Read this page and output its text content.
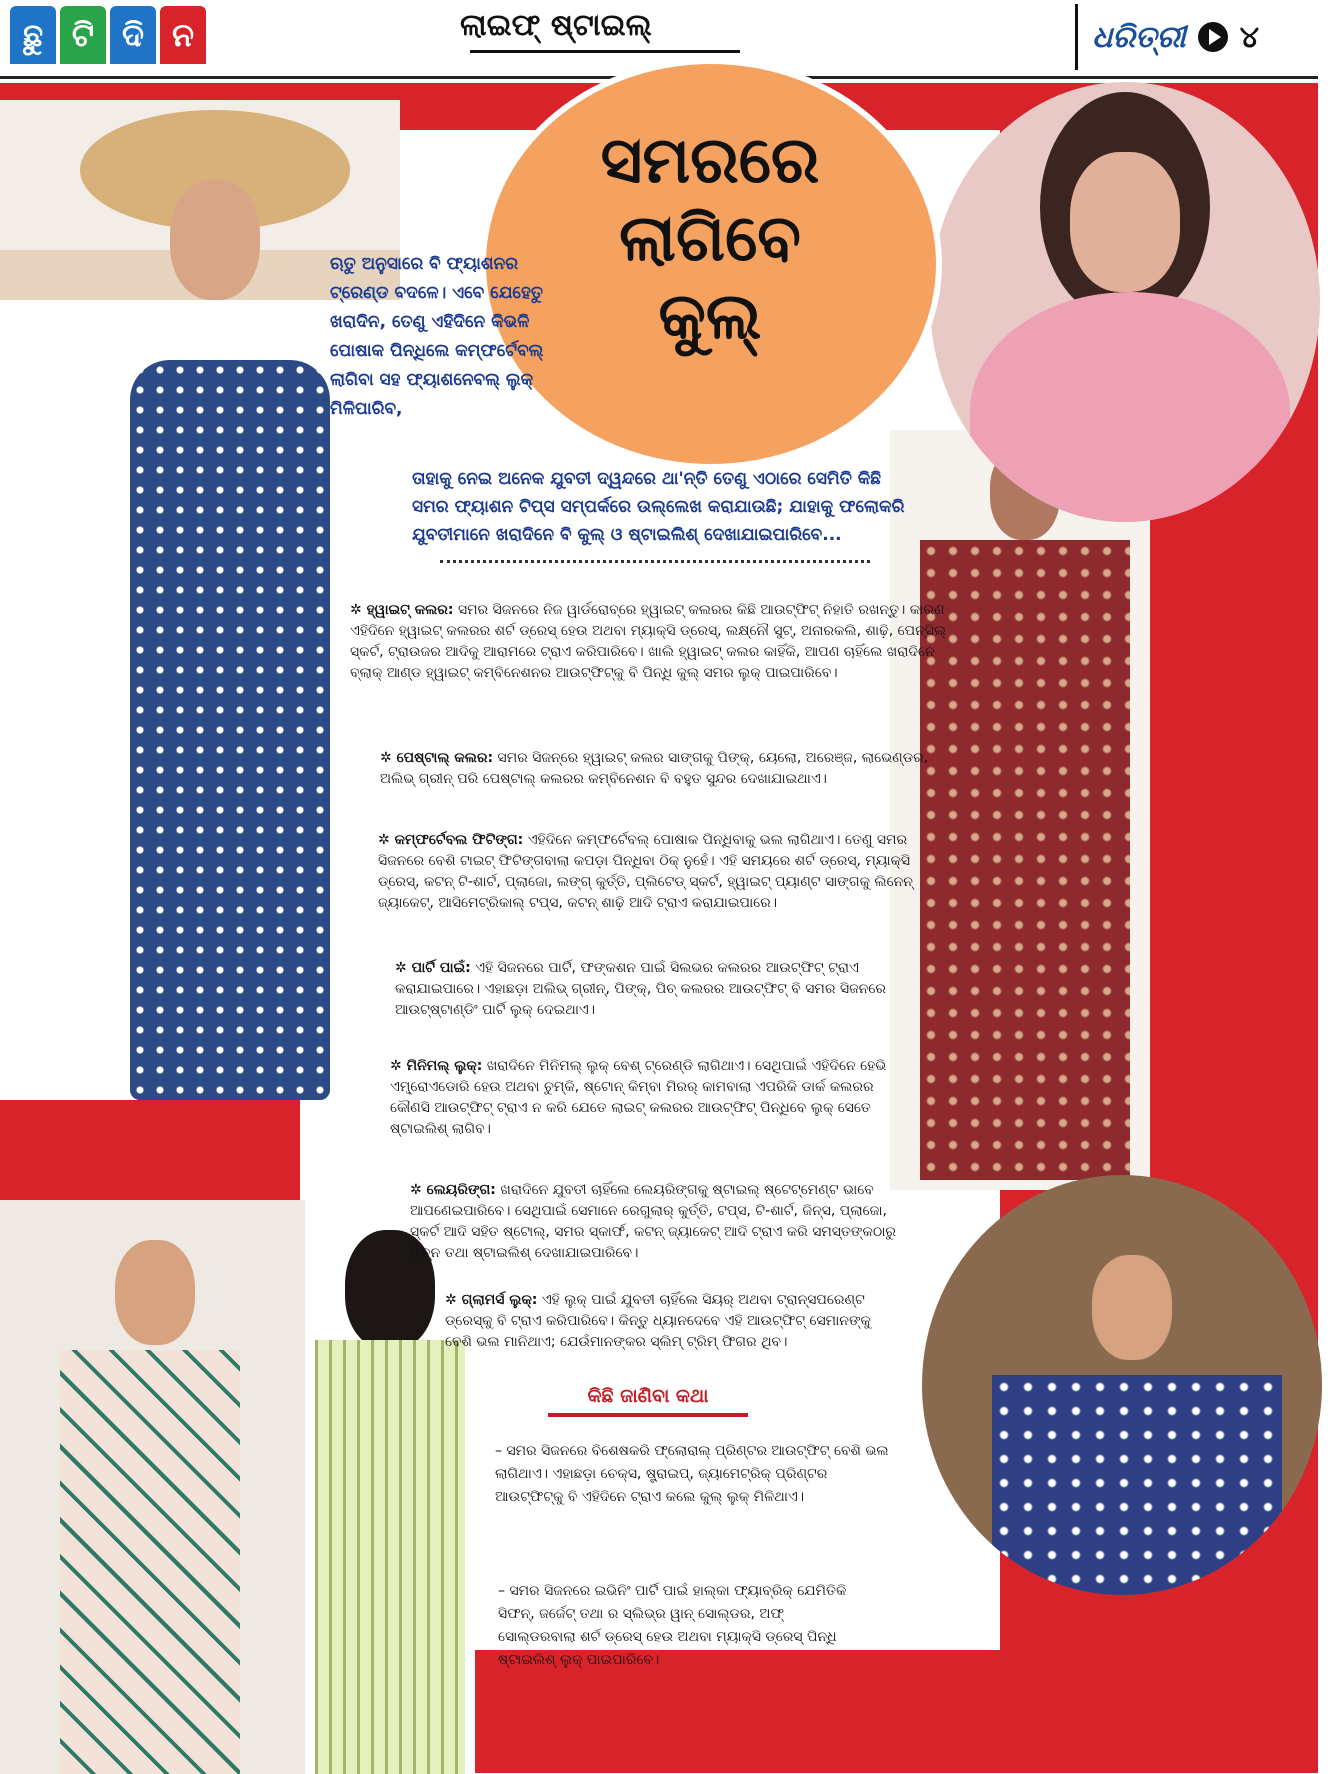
ଛୁ ଟି ଦି ନ	ଲାଇଫ୍ ଷ୍ଟାଇଲ୍	ଧରିତ୍ରୀ ୪
ସମରରେ
ଲାଗିବେ
କୁଲ୍
ଋତୁ ଅନୁସାରେ ବି ଫ୍ୟାଶନର ଟ୍ରେଣ୍ଡ ବଦଳେ। ଏବେ ଯେହେତୁ ଖରାଦିନ, ତେଣୁ ଏହିଦିନେ କିଭଳି ପୋଷାକ ପିନ୍ଧିଲେ କମ୍ଫର୍ଟେବଲ୍ ଲାଗିବା ସହ ଫ୍ୟାଶନେବଲ୍ ଲୁକ୍ ମିଳିପାରିବ,
ତାହାକୁ ନେଇ ଅନେକ ଯୁବତୀ ଦ୍ୱନ୍ଦରେ ଥା'ନ୍ତି ତେଣୁ ଏଠାରେ ସେମିତି କିଛି ସମର ଫ୍ୟାଶନ ଟିପ୍ସ ସମ୍ପର୍କରେ ଉଲ୍ଲେଖ କରାଯାଉଛି; ଯାହାକୁ ଫଲୋକରି ଯୁବତୀମାନେ ଖରାଦିନେ ବି କୁଲ୍ ଓ ଷ୍ଟାଇଲିଶ୍ ଦେଖାଯାଇପାରିବେ...
✲ ହ୍ୱାଇଟ୍ କଲର: ସମର ସିଜନରେ ନିଜ ୱାର୍ଡରୋବ୍‌ରେ ହ୍ୱାଇଟ୍ କଲରର କିଛି ଆଉଟ୍‌ଫିଟ୍ ନିହାତି ରଖନ୍ତୁ। କାରଣ ଏହିଦିନେ ହ୍ୱାଇଟ୍ କଲରର ଶର୍ଟ ଡ୍ରେସ୍ ହେଉ ଅଥବା ମ୍ୟାକ୍ସି ଡ୍ରେସ୍, ଲକ୍ଷ୍ନୌ ସୁଟ୍, ଅନାରକଲି, ଶାଢ଼ି, ପେନ୍‌ସିଲ୍ ସ୍କର୍ଟ, ଟ୍ରାଉଜର ଆଦିକୁ ଆରାମରେ ଟ୍ରାଏ କରିପାରିବେ। ଖାଲି ହ୍ୱାଇଟ୍ କଲର କାହିଁକି, ଆପଣ ଚାହିଁଲେ ଖରାଦିନେ ବ୍ଲାକ୍ ଆଣ୍ଡ ହ୍ୱାଇଟ୍ କମ୍ବିନେଶନର ଆଉଟ୍‌ଫିଟ୍‌କୁ ବି ପିନ୍ଧି କୁଲ୍ ସମର ଲୁକ୍ ପାଇପାରିବେ।
✲ ପେଷ୍ଟାଲ୍ କଲର: ସମର ସିଜନ୍‌ରେ ହ୍ୱାଇଟ୍ କଲର ସାଙ୍ଗକୁ ପିଙ୍କ୍, ୟେଲୋ, ଅରେଞ୍ଜ, ଲାଭେଣ୍ଡର, ଅଲିଭ୍ ଗ୍ରୀନ୍ ପରି ପେଷ୍ଟାଲ୍ କଲରର କମ୍ବିନେଶନ ବି ବହୁତ ସୁନ୍ଦର ଦେଖାଯାଇଥାଏ।
✲ କମ୍ଫର୍ଟେବଲ ଫିଟିଙ୍ଗ: ଏହିଦିନେ କମ୍ଫର୍ଟେବଲ୍ ପୋଷାକ ପିନ୍ଧିବାକୁ ଭଲ ଲାଗିଥାଏ। ତେଣୁ ସମର ସିଜନରେ ବେଶି ଟାଇଟ୍ ଫିଟିଙ୍ଗବାଲା କପଡ଼ା ପିନ୍ଧିବା ଠିକ୍ ନୁହେଁ। ଏହି ସମୟରେ ଶର୍ଟ ଡ୍ରେସ୍, ମ୍ୟାକ୍ସି ଡ୍ରେସ୍, କଟନ୍ ଟି-ଶାର୍ଟ, ପ୍ଲାଜୋ, ଲଙ୍ଗ୍ କୁର୍ତ୍ତି, ପ୍ଲିଟେଡ୍ ସ୍କର୍ଟ, ହ୍ୱାଇଟ୍ ପ୍ୟାଣ୍ଟ ସାଙ୍ଗକୁ ଲିନେନ୍ ଜ୍ୟାକେଟ୍, ଆସିମେଟ୍ରିକାଲ୍ ଟପ୍ସ, କଟନ୍ ଶାଢ଼ି ଆଦି ଟ୍ରାଏ କରାଯାଇପାରେ।
✲ ପାର୍ଟି ପାଇଁ: ଏହି ସିଜନରେ ପାର୍ଟି, ଫଙ୍କଶନ ପାଇଁ ସିଲଭର କଲରର ଆଉଟ୍‌ଫିଟ୍ ଟ୍ରାଏ କରାଯାଇପାରେ। ଏହାଛଡ଼ା ଅଲିଭ୍ ଗ୍ରୀନ୍, ପିଙ୍କ୍, ପିଚ୍ କଲରର ଆଉଟ୍‌ଫିଟ୍ ବି ସମର ସିଜନରେ ଆଉଟ୍‌ଷ୍ଟାଣ୍ଡିଂ ପାର୍ଟି ଲୁକ୍ ଦେଇଥାଏ।
✲ ମିନିମଲ୍ ଲୁକ୍: ଖରାଦିନେ ମିନିମଲ୍ ଲୁକ୍ ବେଶ୍ ଟ୍ରେଣ୍ଡି ଲାଗିଥାଏ। ସେଥିପାଇଁ ଏହିଦିନେ ହେଭି ଏମ୍ବ୍ରୋଏଡୋରି ହେଉ ଅଥବା ଚୁମ୍କି, ଷ୍ଟୋନ୍ କିମ୍ବା ମିରର୍ କାମବାଲା ଏପରିକି ଡାର୍କ କଲରର କୌଣସି ଆଉଟ୍‌ଫିଟ୍ ଟ୍ରାଏ ନ କରି ଯେତେ ଲାଇଟ୍ କଲରର ଆଉଟ୍‌ଫିଟ୍ ପିନ୍ଧିବେ ଲୁକ୍ ସେତେ ଷ୍ଟାଇଲିଶ୍ ଲାଗିବ।
✲ ଲେୟରିଙ୍ଗ: ଖରାଦିନେ ଯୁବତୀ ଚାହିଁଲେ ଲେୟରିଙ୍ଗକୁ ଷ୍ଟାଇଲ୍ ଷ୍ଟେଟ୍‌ମେଣ୍ଟ ଭାବେ ଆପଣେଇପାରିବେ। ସେଥିପାଇଁ ସେମାନେ ରେଗୁଲାର୍ କୁର୍ତ୍ତି, ଟପ୍ସ, ଟି-ଶାର୍ଟ, ଜିନ୍ସ, ପ୍ଲାଜୋ, ସ୍କର୍ଟ ଆଦି ସହିତ ଷ୍ଟୋଲ୍, ସମର ସ୍କାର୍ଫ, କଟନ୍ ଜ୍ୟାକେଟ୍ ଆଦି ଟ୍ରାଏ କରି ସମସ୍ତଙ୍କଠାରୁ ଭିନ୍ନ ତଥା ଷ୍ଟାଇଲିଶ୍ ଦେଖାଯାଇପାରିବେ।
✲ ଗ୍ଲାମର୍ସ ଲୁକ୍: ଏହି ଲୁକ୍ ପାଇଁ ଯୁବତୀ ଚାହିଁଲେ ସିୟର୍ ଅଥବା ଟ୍ରାନ୍ସପରେଣ୍ଟ ଡ୍ରେସ୍‌କୁ ବି ଟ୍ରାଏ କରିପାରିବେ। କିନ୍ତୁ ଧ୍ୟାନଦେବେ ଏହି ଆଉଟ୍‌ଫିଟ୍ ସେମାନଙ୍କୁ ବେଶି ଭଲ ମାନିଥାଏ; ଯେଉଁମାନଙ୍କର ସ୍ଲିମ୍ ଟ୍ରିମ୍ ଫିଗର ଥିବ।
କିଛି ଜାଣିବା କଥା
– ସମର ସିଜନରେ ବିଶେଷକରି ଫ୍ଲୋରାଲ୍ ପ୍ରିଣ୍ଟର ଆଉଟ୍‌ଫିଟ୍ ବେଶି ଭଲ ଲାଗିଥାଏ। ଏହାଛଡ଼ା ଚେକ୍ସ, ଷ୍ଟ୍ରାଇପ୍, ଜ୍ୟାମେଟ୍ରିକ୍ ପ୍ରିଣ୍ଟର ଆଉଟ୍‌ଫିଟ୍‌କୁ ବି ଏହିଦିନେ ଟ୍ରାଏ କଲେ କୁଲ୍ ଲୁକ୍ ମିଳିଥାଏ।
– ସମର ସିଜନରେ ଇଭିନିଂ ପାର୍ଟି ପାଇଁ ହାଲ୍‌କା ଫ୍ୟାବ୍ରିକ୍ ଯେମିତିକି ସିଫନ୍, ଜର୍ଜେଟ୍ ତଥା ର ସ୍ଲିଭ୍‌ର ୱାନ୍ ସୋଲ୍ଡର, ଅଫ୍ ସୋଲ୍ଡରବାଲା ଶର୍ଟ ଡ୍ରେସ୍ ହେଉ ଅଥବା ମ୍ୟାକ୍ସି ଡ୍ରେସ୍ ପିନ୍ଧି ଷ୍ଟାଇଲିଶ୍ ଲୁକ୍ ପାଇପାରିବେ।
